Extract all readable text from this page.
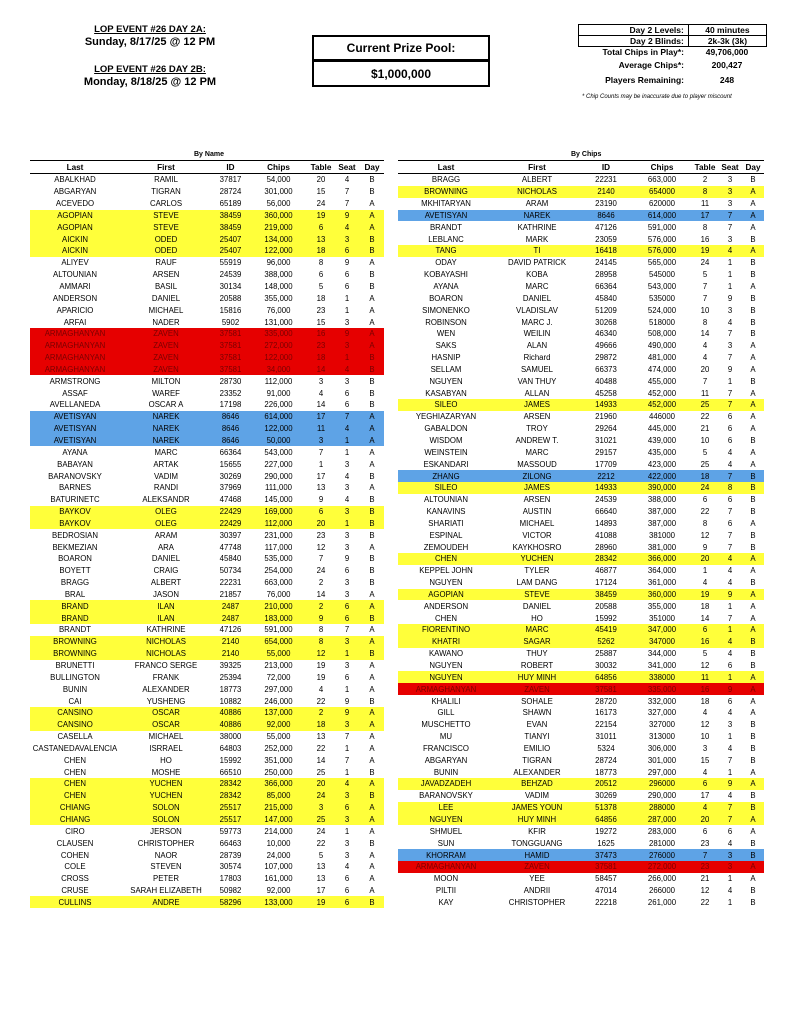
LOP EVENT #26 DAY 2A:
Sunday, 8/17/25 @ 12 PM
LOP EVENT #26 DAY 2B:
Monday, 8/18/25 @ 12 PM
Current Prize Pool:
$1,000,000
Day 2 Levels:	40 minutes
Day 2 Blinds:	2k-3k (3k)
Total Chips in Play*:	49,706,000
Average Chips*:	200,427
Players Remaining:	248
* Chip Counts may be inaccurate due to player miscount
By Name	By Chips
Last	First	ID	Chips	Table	Seat	Day
ABALKHAD	RAMIL	37817	54,000	20	4	B
ABGARYAN	TIGRAN	28724	301,000	15	7	B
ACEVEDO	CARLOS	65189	56,000	24	7	A
AGOPIAN	STEVE	38459	360,000	19	9	A
AGOPIAN	STEVE	38459	219,000	6	4	A
AICKIN	ODED	25407	134,000	13	3	B
AICKIN	ODED	25407	122,000	18	6	B
ALIYEV	RAUF	55919	96,000	8	9	A
ALTOUNIAN	ARSEN	24539	388,000	6	6	B
AMMARI	BASIL	30134	148,000	5	6	B
ANDERSON	DANIEL	20588	355,000	18	1	A
APARICIO	MICHAEL	15816	76,000	23	1	A
ARFAI	NADER	5902	131,000	15	3	A
ARMAGHANYAN	ZAVEN	37581	335,000	16	9	A
ARMAGHANYAN	ZAVEN	37581	272,000	23	3	A
ARMAGHANYAN	ZAVEN	37581	122,000	18	1	B
ARMAGHANYAN	ZAVEN	37581	34,000	14	4	B
ARMSTRONG	MILTON	28730	112,000	3	3	B
ASSAF	WAREF	23352	91,000	4	6	B
AVELLANEDA	OSCAR A	17198	226,000	14	6	B
AVETISYAN	NAREK	8646	614,000	17	7	A
AVETISYAN	NAREK	8646	122,000	11	4	A
AVETISYAN	NAREK	8646	50,000	3	1	A
AYANA	MARC	66364	543,000	7	1	A
BABAYAN	ARTAK	15655	227,000	1	3	A
BARANOVSKY	VADIM	30269	290,000	17	4	B
BARNES	RANDI	37969	111,000	13	3	A
BATURINETC	ALEKSANDR	47468	145,000	9	4	B
BAYKOV	OLEG	22429	169,000	6	3	B
BAYKOV	OLEG	22429	112,000	20	1	B
BEDROSIAN	ARAM	30397	231,000	23	3	B
BEKMEZIAN	ARA	47748	117,000	12	3	A
BOARON	DANIEL	45840	535,000	7	9	B
BOYETT	CRAIG	50734	254,000	24	6	B
BRAGG	ALBERT	22231	663,000	2	3	B
BRAL	JASON	21857	76,000	14	3	A
BRAND	ILAN	2487	210,000	2	6	A
BRAND	ILAN	2487	183,000	9	6	B
BRANDT	KATHRINE	47126	591,000	8	7	A
BROWNING	NICHOLAS	2140	654,000	8	3	A
BROWNING	NICHOLAS	2140	55,000	12	1	B
BRUNETTI	FRANCO SERGE	39325	213,000	19	3	A
BULLINGTON	FRANK	25394	72,000	19	6	A
BUNIN	ALEXANDER	18773	297,000	4	1	A
CAI	YUSHENG	10882	246,000	22	9	B
CANSINO	OSCAR	40886	137,000	2	9	A
CANSINO	OSCAR	40886	92,000	18	3	A
CASELLA	MICHAEL	38000	55,000	13	7	A
CASTANEDAVALENCIA	ISRRAEL	64803	252,000	22	1	A
CHEN	HO	15992	351,000	14	7	A
CHEN	MOSHE	66510	250,000	25	1	B
CHEN	YUCHEN	28342	366,000	20	4	A
CHEN	YUCHEN	28342	85,000	24	3	B
CHIANG	SOLON	25517	215,000	3	6	A
CHIANG	SOLON	25517	147,000	25	3	A
CIRO	JERSON	59773	214,000	24	1	A
CLAUSEN	CHRISTOPHER	66463	10,000	22	3	B
COHEN	NAOR	28739	24,000	5	3	A
COLE	STEVEN	30574	107,000	13	4	A
CROSS	PETER	17803	161,000	13	6	A
CRUSE	SARAH ELIZABETH	50982	92,000	17	6	A
CULLINS	ANDRE	58296	133,000	19	6	B
Last	First	ID	Chips	Table	Seat	Day
BRAGG	ALBERT	22231	663,000	2	3	B
BROWNING	NICHOLAS	2140	654000	8	3	A
MKHITARYAN	ARAM	23190	620000	11	3	A
AVETISYAN	NAREK	8646	614,000	17	7	A
BRANDT	KATHRINE	47126	591,000	8	7	A
LEBLANC	MARK	23059	576,000	16	3	B
TANG	TI	16418	576,000	19	4	A
ODAY	DAVID PATRICK	24145	565,000	24	1	B
KOBAYASHI	KOBA	28958	545000	5	1	B
AYANA	MARC	66364	543,000	7	1	A
BOARON	DANIEL	45840	535000	7	9	B
SIMONENKO	VLADISLAV	51209	524,000	10	3	B
ROBINSON	MARC J.	30268	518000	8	4	B
WEN	WEILIN	46340	508,000	14	7	B
SAKS	ALAN	49666	490,000	4	3	A
HASNIP	Richard	29872	481,000	4	7	A
SELLAM	SAMUEL	66373	474,000	20	9	A
NGUYEN	VAN THUY	40488	455,000	7	1	B
KASABYAN	ALLAN	45258	452,000	11	7	A
SILEO	JAMES	14933	452,000	25	7	A
YEGHIAZARYAN	ARSEN	21960	446000	22	6	A
GABALDON	TROY	29264	445,000	21	6	A
WISDOM	ANDREW T.	31021	439,000	10	6	B
WEINSTEIN	MARC	29157	435,000	5	4	A
ESKANDARI	MASSOUD	17709	423,000	25	4	A
ZHANG	ZILONG	2212	422,000	18	7	B
SILEO	JAMES	14933	390,000	24	8	B
ALTOUNIAN	ARSEN	24539	388,000	6	6	B
KANAVINS	AUSTIN	66640	387,000	22	7	B
SHARIATI	MICHAEL	14893	387,000	8	6	A
ESPINAL	VICTOR	41088	381000	12	7	B
ZEMOUDEH	KAYKHOSRO	28960	381,000	9	7	B
CHEN	YUCHEN	28342	366,000	20	4	A
KEPPEL JOHN	TYLER	46877	364,000	1	4	A
NGUYEN	LAM DANG	17124	361,000	4	4	B
AGOPIAN	STEVE	38459	360,000	19	9	A
ANDERSON	DANIEL	20588	355,000	18	1	A
CHEN	HO	15992	351000	14	7	A
FIORENTINO	MARC	45419	347,000	6	1	A
KHATRI	SAGAR	5262	347000	16	4	B
KAWANO	THUY	25887	344,000	5	4	B
NGUYEN	ROBERT	30032	341,000	12	6	B
NGUYEN	HUY MINH	64856	338000	11	1	A
ARMAGHANYAN	ZAVEN	37581	335,000	16	9	A
KHALILI	SOHALE	28720	332,000	18	6	A
GILL	SHAWN	16173	327,000	4	4	A
MUSCHETTO	EVAN	22154	327000	12	3	B
MU	TIANYI	31011	313000	10	1	B
FRANCISCO	EMILIO	5324	306,000	3	4	B
ABGARYAN	TIGRAN	28724	301,000	15	7	B
BUNIN	ALEXANDER	18773	297,000	4	1	A
JAVADZADEH	BEHZAD	20512	296000	6	9	A
BARANOVSKY	VADIM	30269	290,000	17	4	B
LEE	JAMES YOUN	51378	288000	4	7	B
NGUYEN	HUY MINH	64856	287,000	20	7	A
SHMUEL	KFIR	19272	283,000	6	6	A
SUN	TONGGUANG	1625	281000	23	4	B
KHORRAM	HAMID	37473	276000	7	3	B
ARMAGHANYAN	ZAVEN	37581	272,000	23	3	A
MOON	YEE	58457	266,000	21	1	A
PILTII	ANDRII	47014	266000	12	4	B
KAY	CHRISTOPHER	22218	261,000	22	1	B
